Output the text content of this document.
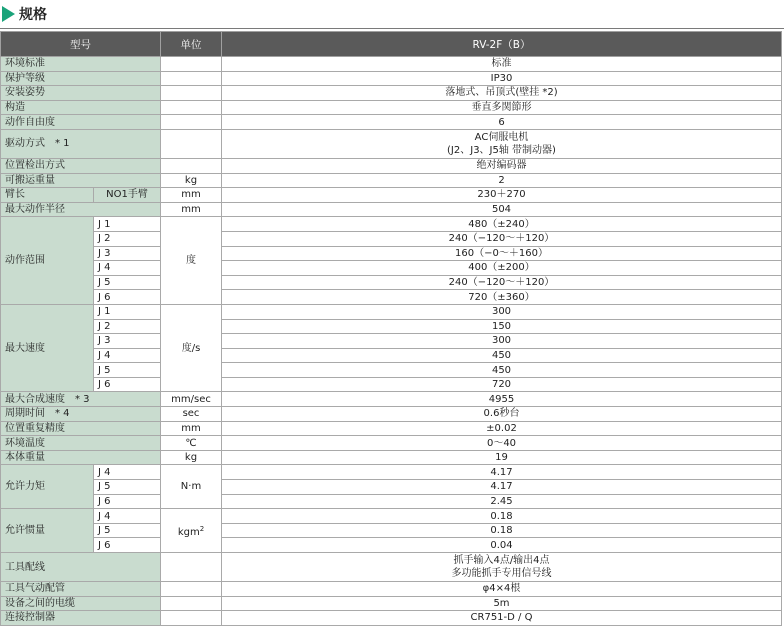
规格
型号		单位	RV-2F（B）
环境标准			标准
保护等级			IP30
安装姿势			落地式、吊顶式(壁挂 *2)
构造			垂直多関節形
动作自由度			6
驱动方式 * 1			AC伺服电机
(J2、J3、J5轴 带制动器)

位置检出方式			绝对编码器
可搬运重量		kg	2
臂长	NO1手臂	mm	230＋270
最大动作半径		mm	504
动作范围	J 1	度	480（±240）
	J 2		240（−120～＋120）
	J 3		160（−0～＋160）
	J 4		400（±200）
	J 5		240（−120～＋120）
	J 6		720（±360）
最大速度	J 1	度/s	300
	J 2		150
	J 3		300
	J 4		450
	J 5		450
	J 6		720
最大合成速度 * 3		mm/sec	4955
周期时间 * 4		sec	0.6秒台
位置重复精度		mm	±0.02
环境温度		℃	0～40
本体重量		kg	19
允许力矩	J 4	N·m	4.17
	J 5		4.17
	J 6		2.45
允许惯量	J 4	kgm$^2$	0.18
	J 5		0.18
	J 6		0.04
工具配线			抓手输入4点/输出4点
多功能抓手专用信号线

工具气动配管			φ4×4根
设备之间的电缆			5m
连接控制器			CR751-D / Q
